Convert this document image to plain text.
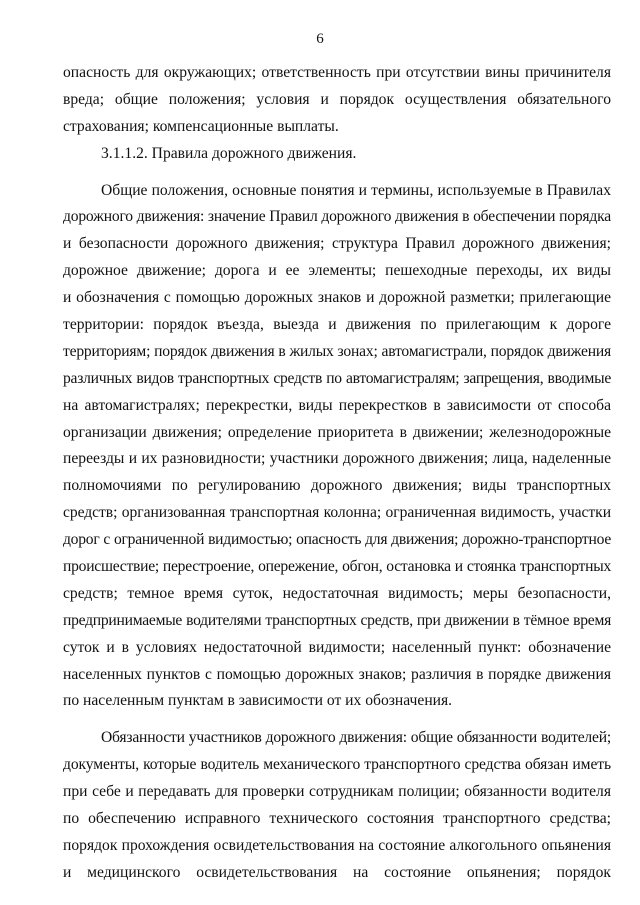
6
опасность для окружающих; ответственность при отсутствии вины причинителя
вреда; общие положения; условия и порядок осуществления обязательного
страхования; компенсационные выплаты.
3.1.1.2. Правила дорожного движения.
Общие положения, основные понятия и термины, используемые в Правилах
дорожного движения: значение Правил дорожного движения в обеспечении порядка
и безопасности дорожного движения; структура Правил дорожного движения;
дорожное движение; дорога и ее элементы; пешеходные переходы, их виды
и обозначения с помощью дорожных знаков и дорожной разметки; прилегающие
территории: порядок въезда, выезда и движения по прилегающим к дороге
территориям; порядок движения в жилых зонах; автомагистрали, порядок движения
различных видов транспортных средств по автомагистралям; запрещения, вводимые
на автомагистралях; перекрестки, виды перекрестков в зависимости от способа
организации движения; определение приоритета в движении; железнодорожные
переезды и их разновидности; участники дорожного движения; лица, наделенные
полномочиями по регулированию дорожного движения; виды транспортных
средств; организованная транспортная колонна; ограниченная видимость, участки
дорог с ограниченной видимостью; опасность для движения; дорожно-транспортное
происшествие; перестроение, опережение, обгон, остановка и стоянка транспортных
средств; темное время суток, недостаточная видимость; меры безопасности,
предпринимаемые водителями транспортных средств, при движении в тёмное время
суток и в условиях недостаточной видимости; населенный пункт: обозначение
населенных пунктов с помощью дорожных знаков; различия в порядке движения
по населенным пунктам в зависимости от их обозначения.
Обязанности участников дорожного движения: общие обязанности водителей;
документы, которые водитель механического транспортного средства обязан иметь
при себе и передавать для проверки сотрудникам полиции; обязанности водителя
по обеспечению исправного технического состояния транспортного средства;
порядок прохождения освидетельствования на состояние алкогольного опьянения
и медицинского освидетельствования на состояние опьянения; порядок
